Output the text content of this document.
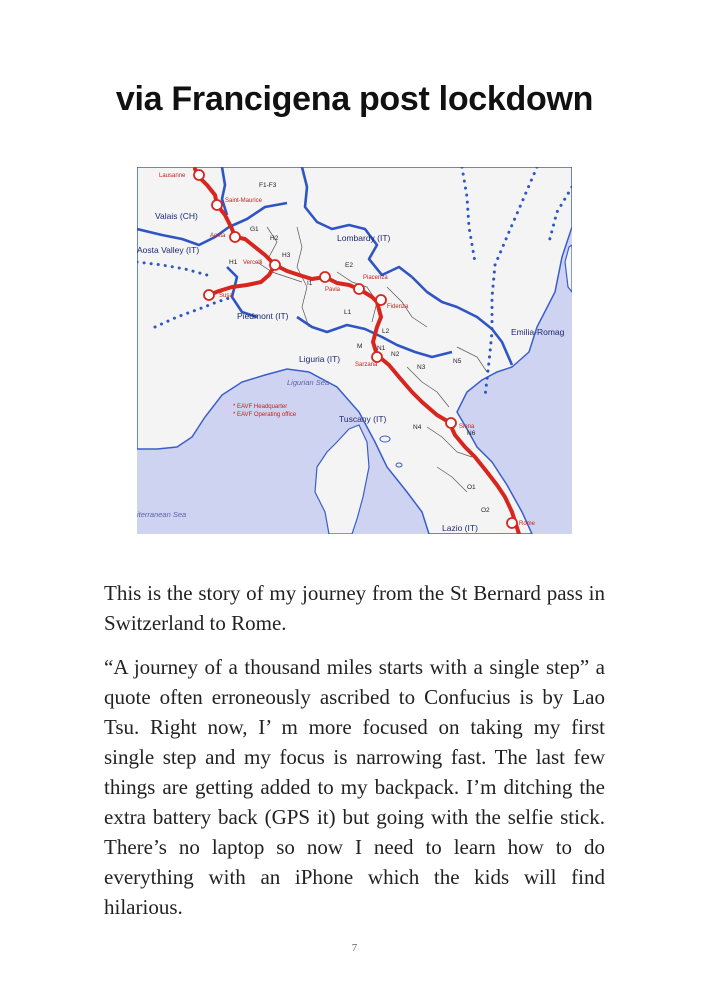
via Francigena post lockdown
Valais (CH)
Aosta Valley (IT)
Lombardy (IT)
Piedmont (IT)
Emilia-Romag
Liguria (IT)
Tuscany (IT)
Lazio (IT)
Ligurian Sea
iterranean Sea
Lausanne
Saint-Maurice
Aosta
Vercelli
Pavia
Piacenza
Fidenza
Susa
Sarzana
Siena
Rome
F1-F3
G1
H2
H1
H3
I1
E2
L1
L2
M N1
N2
N3
N4
N5
N6
O1
O2
* EAVF Headquarter
* EAVF Operating office

This is the story of my journey from the St Bernard pass in Switzerland to Rome.

“A journey of a thousand miles starts with a single step” a quote often erroneously ascribed to Confucius is by Lao Tsu. Right now, I’ m more focused on taking my first single step and my focus is narrowing fast. The last few things are getting added to my backpack. I’m ditching the extra battery back (GPS it) but going with the selfie stick. There’s no laptop so now I need to learn how to do everything with an iPhone which the kids will find hilarious.

7
